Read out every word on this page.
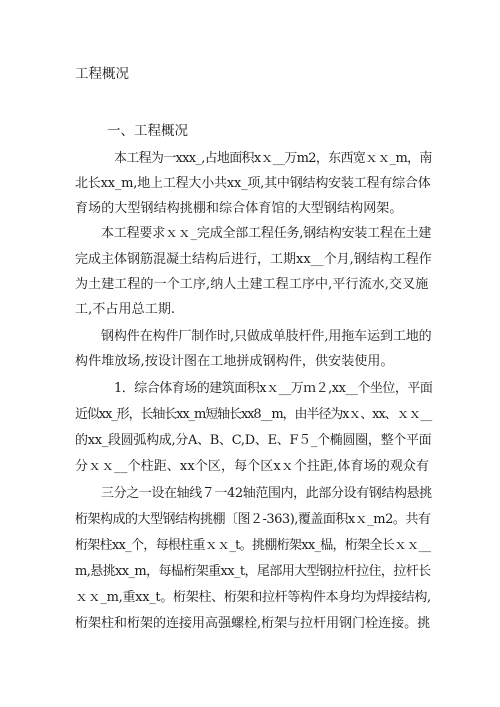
工程概况
一、工程概况
本工程为一xxx_,占地面积xｘ__万m2，东西宽ｘｘ_m，南
北长xx_m,地上工程大小共xx_项,其中钢结构安装工程有综合体
育场的大型钢结构挑棚和综合体育馆的大型钢结构网架。
本工程要求ｘｘ_完成全部工程任务,钢结构安装工程在土建
完成主体钢筋混凝土结构后进行，工期xx__个月,钢结构工程作
为土建工程的一个工序,纳人土建工程工序中,平行流水,交叉施
工,不占用总工期.
钢构件在构件厂制作时,只做成单肢杆件,用拖车运到工地的
构件堆放场,按设计图在工地拼成钢构件，供安装使用。
1．综合体育场的建筑面积xｘ__万ｍ２,xx__个坐位，平面
近似xx_形，长轴长xx_m短轴长xx8__m，由半径为xｘ、xx、ｘｘ__
的xx_段圆弧构成,分A、B、C,D、E、F５_个椭圆圈，整个平面
分ｘｘ__个柱距、xx个区，每个区xｘ个拄距,体育场的观众有
三分之一设在轴线７一42轴范围内，此部分设有钢结构悬挑
桁架构成的大型钢结构挑棚〔图２-363),覆盖面积xｘ_m2。共有
桁架柱xx_个，每根柱重ｘｘ_t。挑棚桁架xx_榀，桁架全长ｘｘ__
m,悬挑xx_m，每榀桁架重xx_t，尾部用大型钢拉杆拉住，拉杆长
ｘｘ_m,重xx_t。桁架柱、桁架和拉杆等构件本身均为焊接结构,
桁架柱和桁架的连接用高强螺栓,桁架与拉杆用钢门栓连接。挑
